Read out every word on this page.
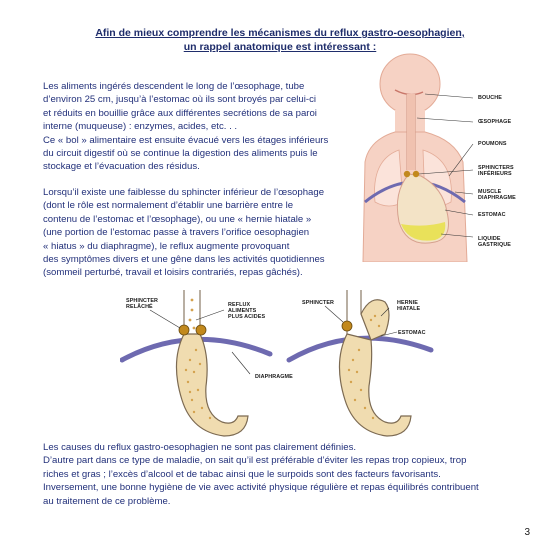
Afin de mieux comprendre les mécanismes du reflux gastro-oesophagien,
un rappel anatomique est intéressant :

Les aliments ingérés descendent le long de l’œsophage, tube
d’environ 25 cm, jusqu’à l’estomac où ils sont broyés par celui-ci
et réduits en bouillie grâce aux différentes secrétions de sa paroi
interne (muqueuse) : enzymes, acides, etc. . .
Ce « bol » alimentaire est ensuite évacué vers les étages inférieurs
du circuit digestif où se continue la digestion des aliments puis le
stockage et l’évacuation des résidus.

Lorsqu’il existe une faiblesse du sphincter inférieur de l’œsophage
(dont le rôle est normalement d’établir une barrière entre le
contenu de l’estomac et l’œsophage), ou une « hernie hiatale »
(une portion de l’estomac passe à travers l’orifice oesophagien
« hiatus » du diaphragme), le reflux augmente provoquant
des symptômes divers et une gêne dans les activités quotidiennes
(sommeil perturbé, travail et loisirs contrariés, repas gâchés).

BOUCHE
ŒSOPHAGE
POUMONS
SPHINCTERS
INFÉRIEURS
MUSCLE
DIAPHRAGME
ESTOMAC
LIQUIDE
GASTRIQUE
SPHINCTER
RELÂCHÉ	REFLUX
ALIMENTS
PLUS ACIDES
DIAPHRAGME
SPHINCTER	HERNIE
HIATALE
ESTOMAC

Les causes du reflux gastro-oesophagien ne sont pas clairement définies.
D’autre part dans ce type de maladie, on sait qu’il est préférable d’éviter les repas trop copieux, trop
riches et gras ; l’excès d’alcool et de tabac ainsi que le surpoids sont des facteurs favorisants.
Inversement, une bonne hygiène de vie avec activité physique régulière et repas équilibrés contribuent
au traitement de ce problème.

3
